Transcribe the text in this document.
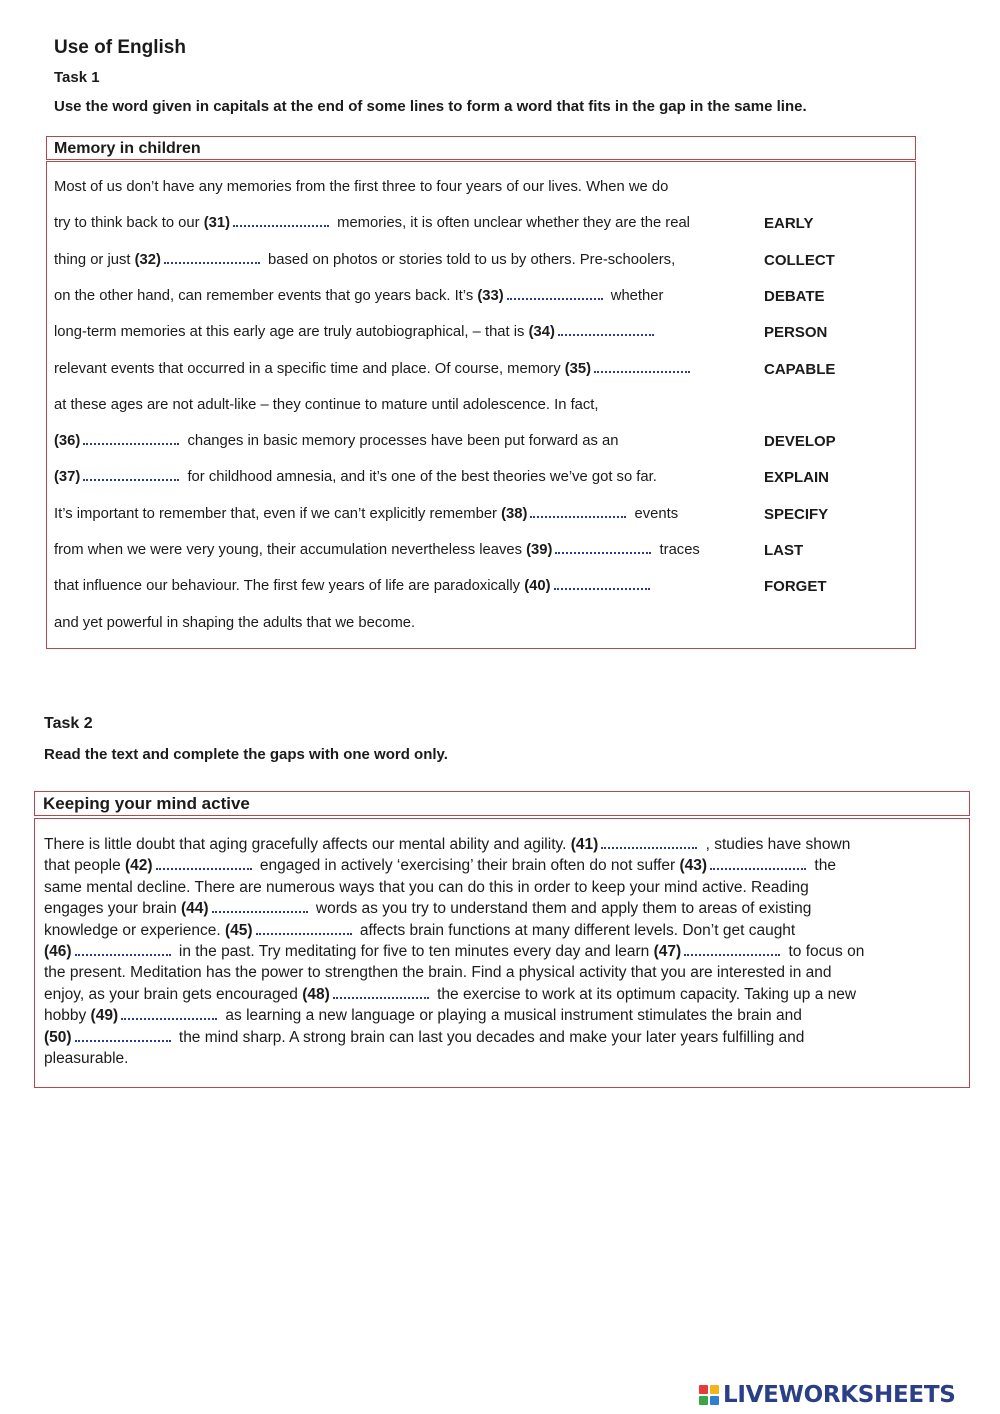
Use of English
Task 1
Use the word given in capitals at the end of some lines to form a word that fits in the gap in the same line.
Memory in children
Most of us don’t have any memories from the first three to four years of our lives. When we do
try to think back to our (31)	memories, it is often unclear whether they are the real	EARLY
thing or just (32)	based on photos or stories told to us by others. Pre-schoolers,	COLLECT
on the other hand, can remember events that go years back. It’s (33)	whether	DEBATE
long-term memories at this early age are truly autobiographical, – that is (34)	PERSON
relevant events that occurred in a specific time and place. Of course, memory (35)	CAPABLE
at these ages are not adult-like – they continue to mature until adolescence. In fact,
(36)	changes in basic memory processes have been put forward as an	DEVELOP
(37)	for childhood amnesia, and it’s one of the best theories we’ve got so far.	EXPLAIN
It’s important to remember that, even if we can’t explicitly remember (38)	events	SPECIFY
from when we were very young, their accumulation nevertheless leaves (39)	traces	LAST
that influence our behaviour. The first few years of life are paradoxically (40)	FORGET
and yet powerful in shaping the adults that we become.
Task 2
Read the text and complete the gaps with one word only.
Keeping your mind active
There is little doubt that aging gracefully affects our mental ability and agility. (41)	, studies have shown
that people (42)	engaged in actively ‘exercising’ their brain often do not suffer (43)	the
same mental decline. There are numerous ways that you can do this in order to keep your mind active. Reading
engages your brain (44)	words as you try to understand them and apply them to areas of existing
knowledge or experience. (45)	affects brain functions at many different levels. Don’t get caught
(46)	in the past. Try meditating for five to ten minutes every day and learn (47)	to focus on
the present. Meditation has the power to strengthen the brain. Find a physical activity that you are interested in and
enjoy, as your brain gets encouraged (48)	the exercise to work at its optimum capacity. Taking up a new
hobby (49)	as learning a new language or playing a musical instrument stimulates the brain and
(50)	the mind sharp. A strong brain can last you decades and make your later years fulfilling and
pleasurable.
LIVEWORKSHEETS
